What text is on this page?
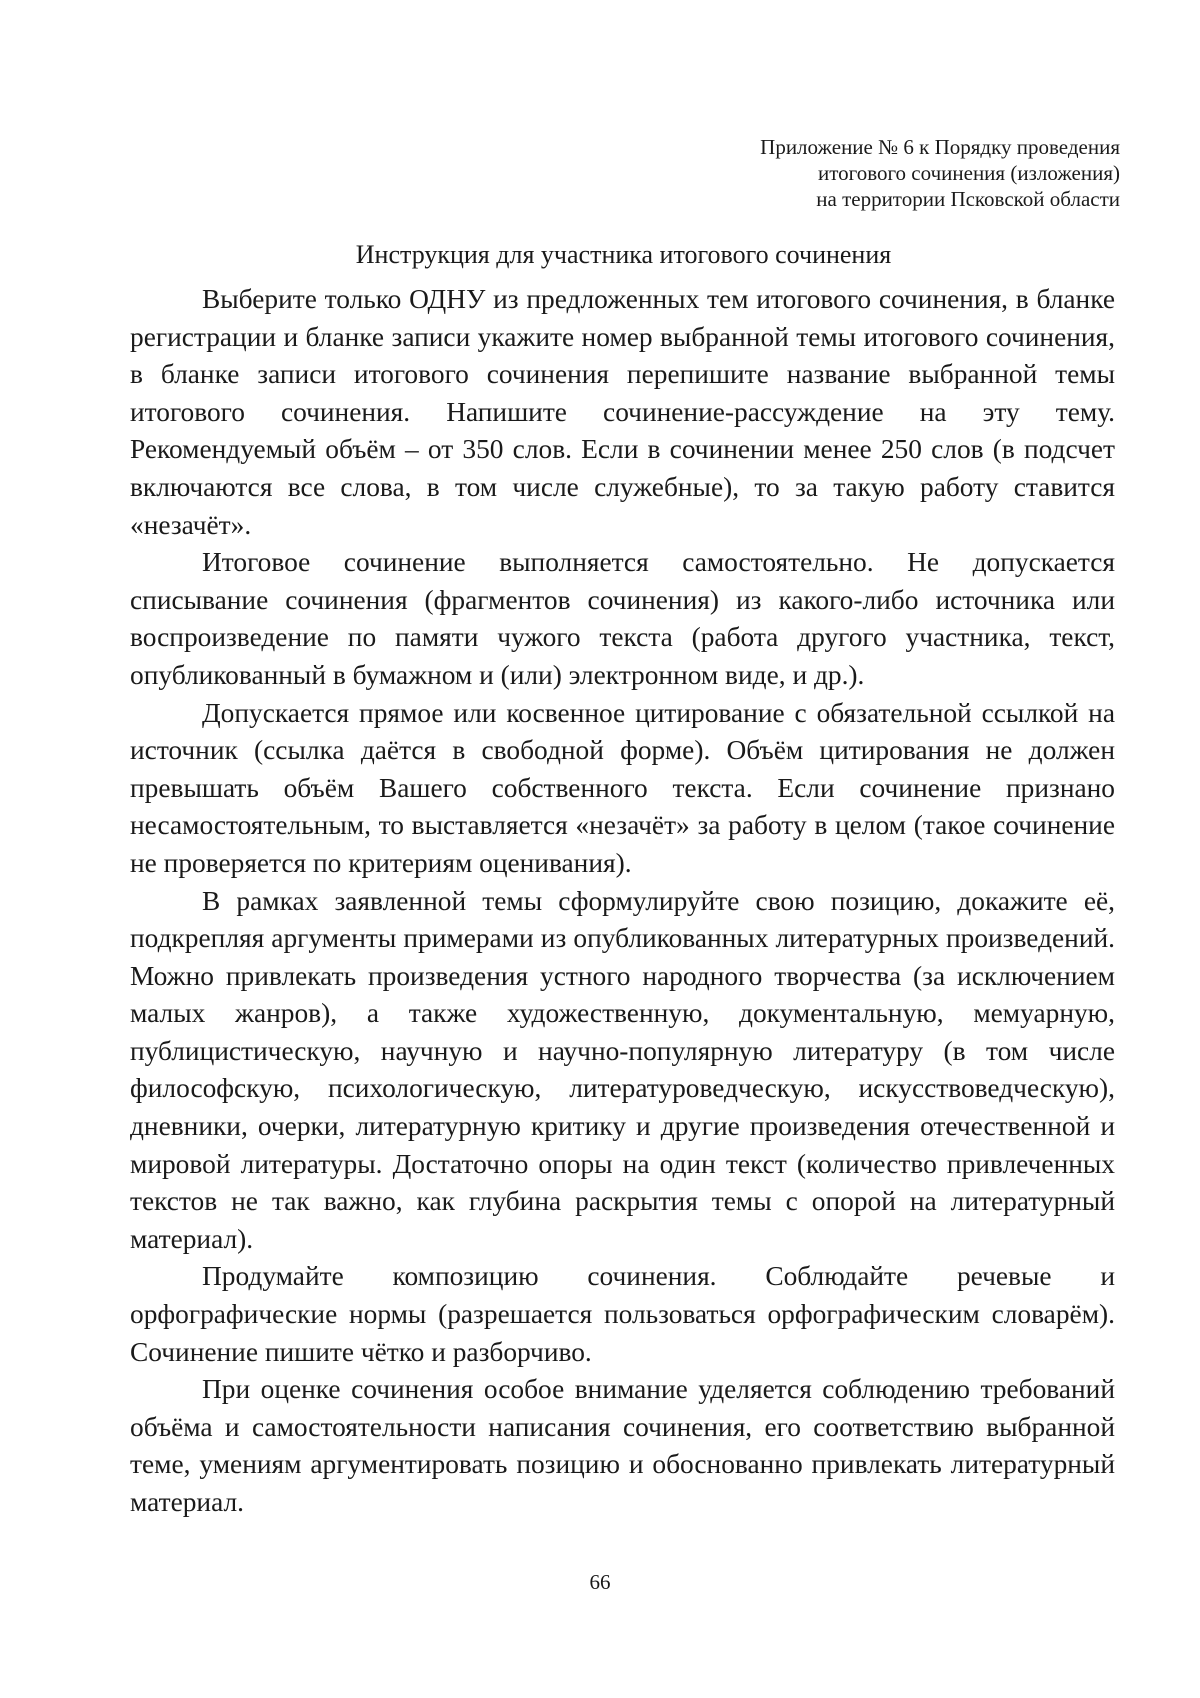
Приложение № 6 к Порядку проведения
итогового сочинения (изложения)
на территории Псковской области
Инструкция для участника итогового сочинения

Выберите только ОДНУ из предложенных тем итогового сочинения, в бланке регистрации и бланке записи укажите номер выбранной темы итогового сочинения, в бланке записи итогового сочинения перепишите название выбранной темы итогового сочинения. Напишите сочинение-рассуждение на эту тему. Рекомендуемый объём – от 350 слов. Если в сочинении менее 250 слов (в подсчет включаются все слова, в том числе служебные), то за такую работу ставится «незачёт».

Итоговое сочинение выполняется самостоятельно. Не допускается списывание сочинения (фрагментов сочинения) из какого-либо источника или воспроизведение по памяти чужого текста (работа другого участника, текст, опубликованный в бумажном и (или) электронном виде, и др.).

Допускается прямое или косвенное цитирование с обязательной ссылкой на источник (ссылка даётся в свободной форме). Объём цитирования не должен превышать объём Вашего собственного текста. Если сочинение признано несамостоятельным, то выставляется «незачёт» за работу в целом (такое сочинение не проверяется по критериям оценивания).

В рамках заявленной темы сформулируйте свою позицию, докажите её, подкрепляя аргументы примерами из опубликованных литературных произведений. Можно привлекать произведения устного народного творчества (за исключением малых жанров), а также художественную, документальную, мемуарную, публицистическую, научную и научно-популярную литературу (в том числе философскую, психологическую, литературоведческую, искусствоведческую), дневники, очерки, литературную критику и другие произведения отечественной и мировой литературы. Достаточно опоры на один текст (количество привлеченных текстов не так важно, как глубина раскрытия темы с опорой на литературный материал).

Продумайте композицию сочинения. Соблюдайте речевые и орфографические нормы (разрешается пользоваться орфографическим словарём). Сочинение пишите чётко и разборчиво.

При оценке сочинения особое внимание уделяется соблюдению требований объёма и самостоятельности написания сочинения, его соответствию выбранной теме, умениям аргументировать позицию и обоснованно привлекать литературный материал.

66
